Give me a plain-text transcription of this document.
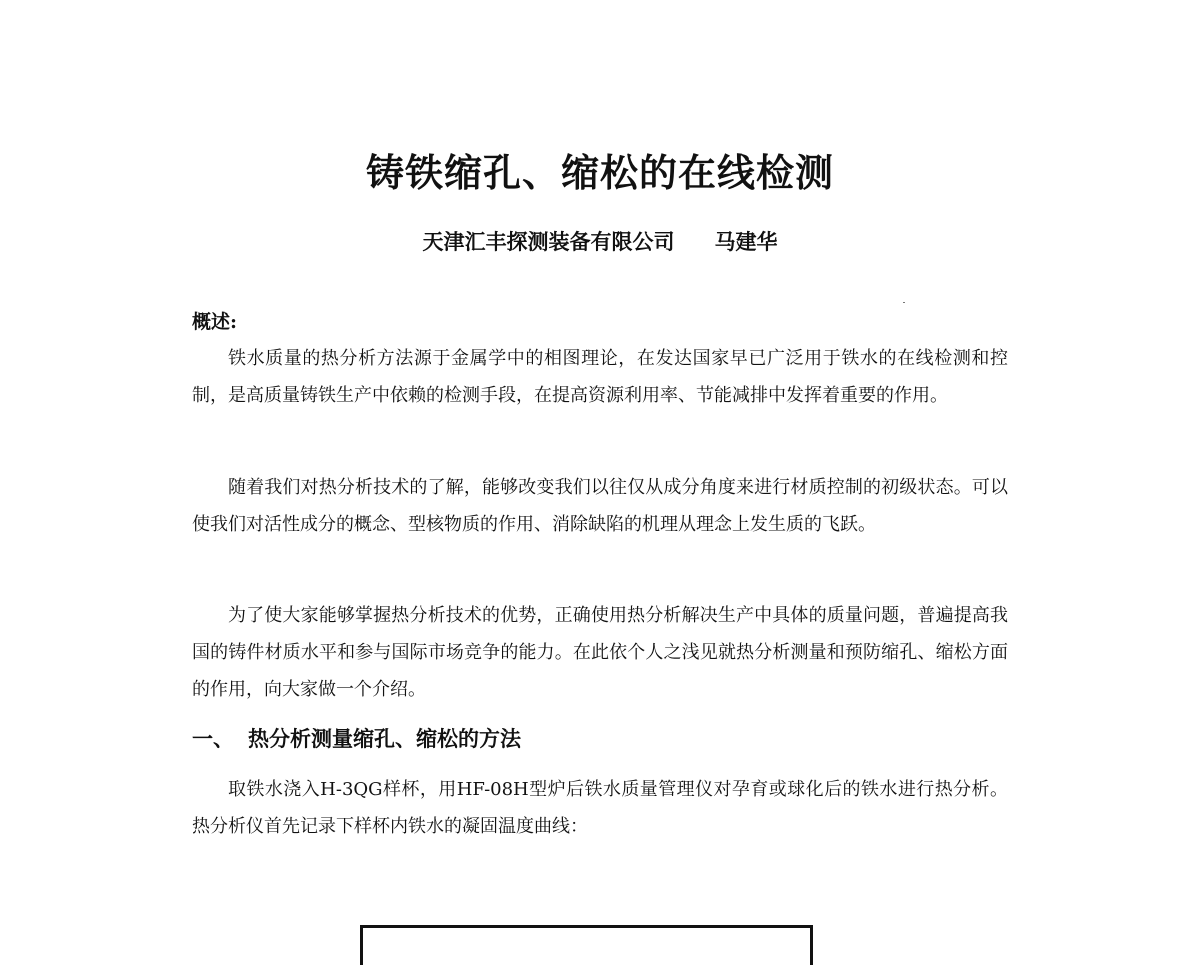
铸铁缩孔、缩松的在线检测
天津汇丰探测装备有限公司 马建华
概述:

铁水质量的热分析方法源于金属学中的相图理论，在发达国家早已广泛用于铁水的在线检测和控制，是高质量铸铁生产中依赖的检测手段，在提高资源利用率、节能减排中发挥着重要的作用。

随着我们对热分析技术的了解，能够改变我们以往仅从成分角度来进行材质控制的初级状态。可以使我们对活性成分的概念、型核物质的作用、消除缺陷的机理从理念上发生质的飞跃。

为了使大家能够掌握热分析技术的优势，正确使用热分析解决生产中具体的质量问题，普遍提高我国的铸件材质水平和参与国际市场竞争的能力。在此依个人之浅见就热分析测量和预防缩孔、缩松方面的作用，向大家做一个介绍。

一、 热分析测量缩孔、缩松的方法

取铁水浇入H-3QG样杯，用HF-08H型炉后铁水质量管理仪对孕育或球化后的铁水进行热分析。热分析仪首先记录下样杯内铁水的凝固温度曲线：
